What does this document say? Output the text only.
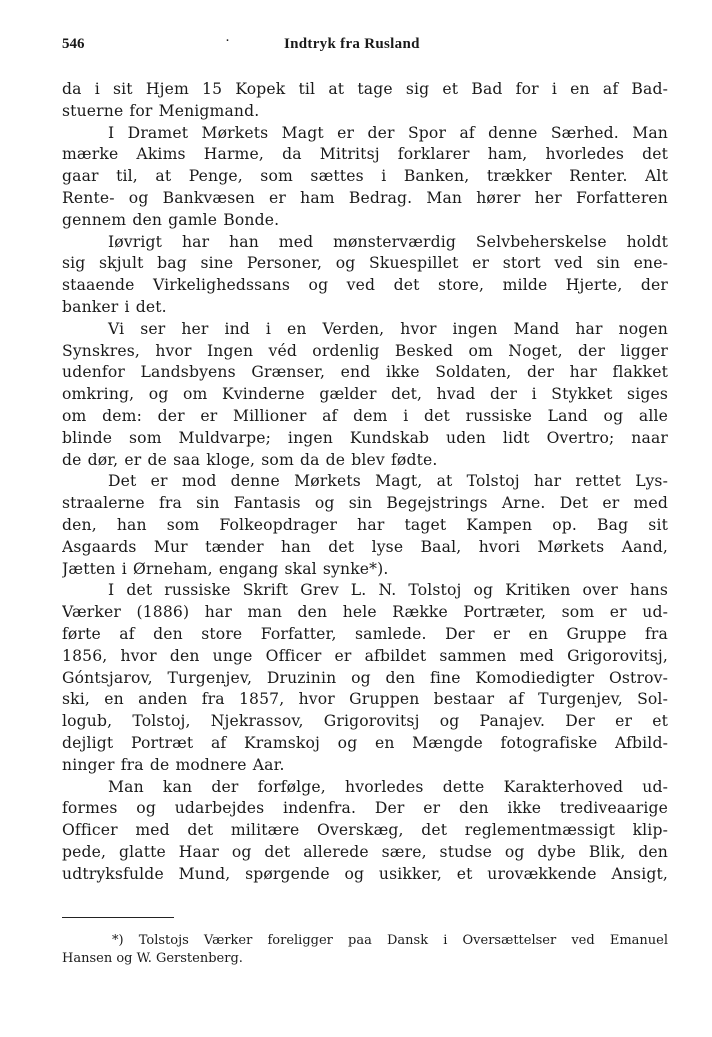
546	·	Indtryk fra Rusland
da i sit Hjem 15 Kopek til at tage sig et Bad for i en af Bad-
stuerne for Menigmand.
I Dramet Mørkets Magt er der Spor af denne Særhed. Man
mærke Akims Harme, da Mitritsj forklarer ham, hvorledes det
gaar til, at Penge, som sættes i Banken, trækker Renter. Alt
Rente- og Bankvæsen er ham Bedrag. Man hører her Forfatteren
gennem den gamle Bonde.
Iøvrigt har han med mønsterværdig Selvbeherskelse holdt
sig skjult bag sine Personer, og Skuespillet er stort ved sin ene-
staaende Virkelighedssans og ved det store, milde Hjerte, der
banker i det.
Vi ser her ind i en Verden, hvor ingen Mand har nogen
Synskres, hvor Ingen véd ordenlig Besked om Noget, der ligger
udenfor Landsbyens Grænser, end ikke Soldaten, der har flakket
omkring, og om Kvinderne gælder det, hvad der i Stykket siges
om dem: der er Millioner af dem i det russiske Land og alle
blinde som Muldvarpe; ingen Kundskab uden lidt Overtro; naar
de dør, er de saa kloge, som da de blev fødte.
Det er mod denne Mørkets Magt, at Tolstoj har rettet Lys-
straalerne fra sin Fantasis og sin Begejstrings Arne. Det er med
den, han som Folkeopdrager har taget Kampen op. Bag sit
Asgaards Mur tænder han det lyse Baal, hvori Mørkets Aand,
Jætten i Ørneham, engang skal synke*).
I det russiske Skrift Grev L. N. Tolstoj og Kritiken over hans
Værker (1886) har man den hele Række Portræter, som er ud-
førte af den store Forfatter, samlede. Der er en Gruppe fra
1856, hvor den unge Officer er afbildet sammen med Grigorovitsj,
Góntsjarov, Turgenjev, Druzinin og den fine Komodiedigter Ostrov-
ski, en anden fra 1857, hvor Gruppen bestaar af Turgenjev, Sol-
logub, Tolstoj, Njekrassov, Grigorovitsj og Panajev. Der er et
dejligt Portræt af Kramskoj og en Mængde fotografiske Afbild-
ninger fra de modnere Aar.
Man kan der forfølge, hvorledes dette Karakterhoved ud-
formes og udarbejdes indenfra. Der er den ikke trediveaarige
Officer med det militære Overskæg, det reglementmæssigt klip-
pede, glatte Haar og det allerede sære, studse og dybe Blik, den
udtryksfulde Mund, spørgende og usikker, et urovækkende Ansigt,
*) Tolstojs Værker foreligger paa Dansk i Oversættelser ved Emanuel
Hansen og W. Gerstenberg.
